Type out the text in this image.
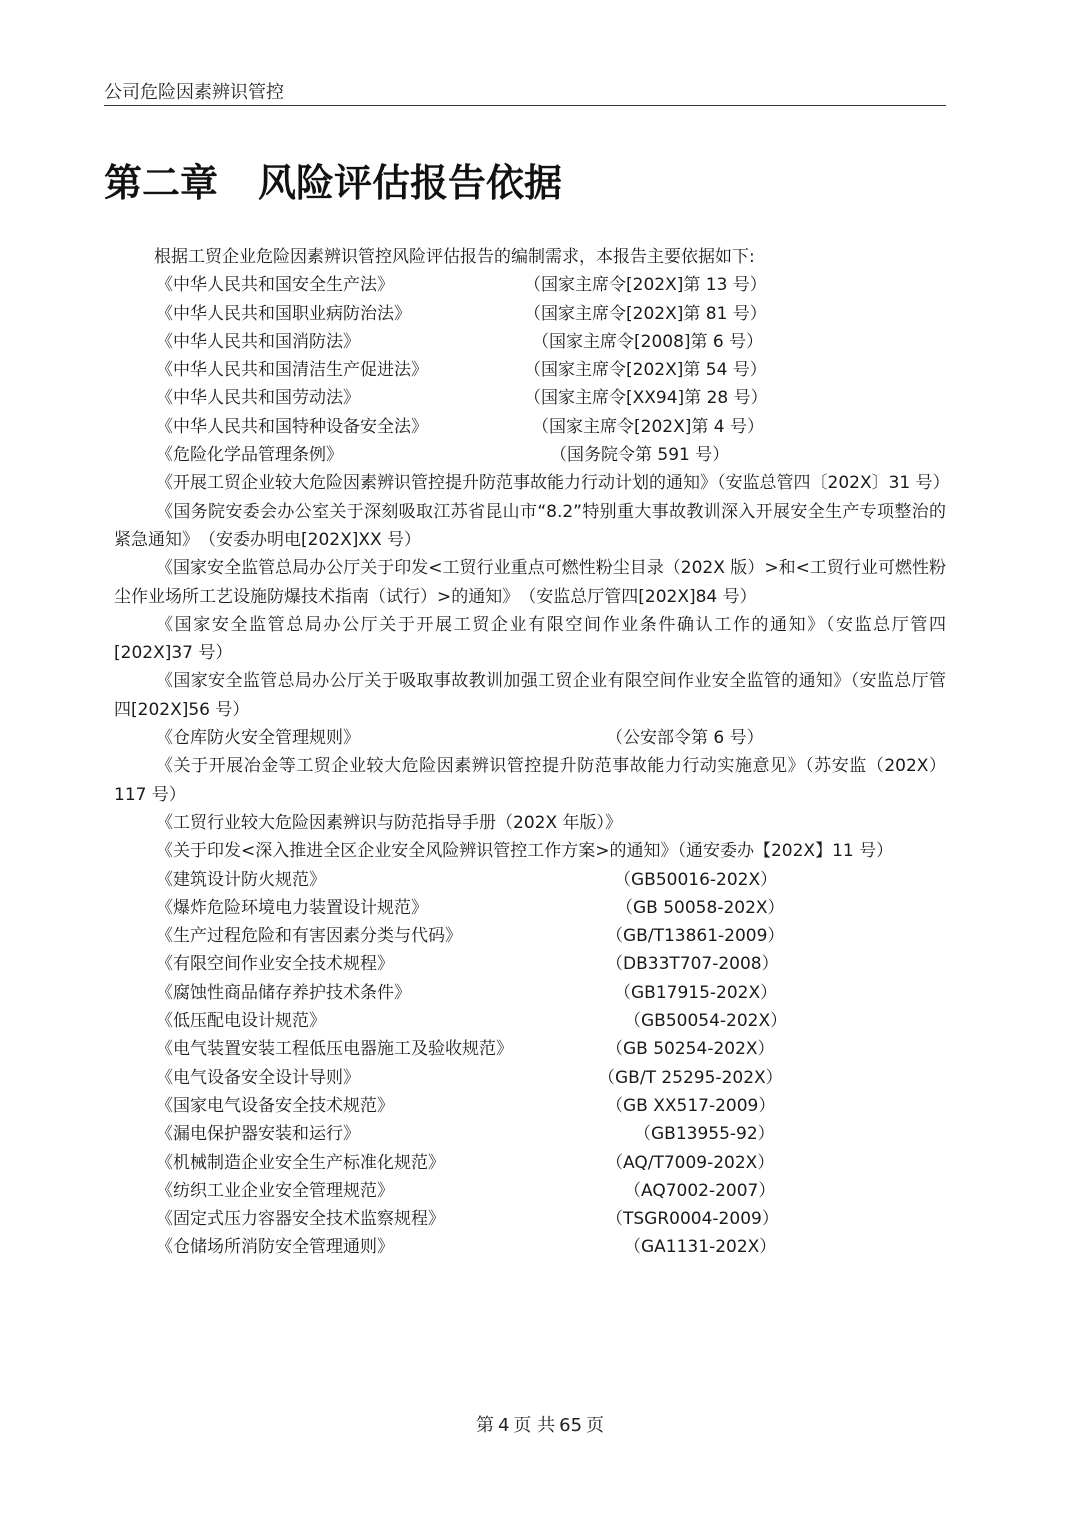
公司危险因素辨识管控
第二章 风险评估报告依据
根据工贸企业危险因素辨识管控风险评估报告的编制需求，本报告主要依据如下:
《中华人民共和国安全生产法》	（国家主席令[202X]第 13 号）
《中华人民共和国职业病防治法》	（国家主席令[202X]第 81 号）
《中华人民共和国消防法》	（国家主席令[2008]第 6 号）
《中华人民共和国清洁生产促进法》	（国家主席令[202X]第 54 号）
《中华人民共和国劳动法》	（国家主席令[XX94]第 28 号）
《中华人民共和国特种设备安全法》	（国家主席令[202X]第 4 号）
《危险化学品管理条例》	（国务院令第 591 号）
《开展工贸企业较大危险因素辨识管控提升防范事故能力行动计划的通知》（安监总管四〔202X〕31 号）
《国务院安委会办公室关于深刻吸取江苏省昆山市“8.2”特别重大事故教训深入开展安全生产专项整治的紧急通知》　（安委办明电[202X]XX 号）
《国家安全监管总局办公厅关于印发<工贸行业重点可燃性粉尘目录（202X 版）>和<工贸行业可燃性粉尘作业场所工艺设施防爆技术指南（试行）>的通知》　（安监总厅管四[202X]84 号）
《国家安全监管总局办公厅关于开展工贸企业有限空间作业条件确认工作的通知》（安监总厅管四[202X]37 号）
《国家安全监管总局办公厅关于吸取事故教训加强工贸企业有限空间作业安全监管的通知》（安监总厅管四[202X]56 号）
《仓库防火安全管理规则》	（公安部令第 6 号）
《关于开展冶金等工贸企业较大危险因素辨识管控提升防范事故能力行动实施意见》（苏安监（202X）117 号）
《工贸行业较大危险因素辨识与防范指导手册（202X 年版）》
《关于印发<深入推进全区企业安全风险辨识管控工作方案>的通知》（通安委办【202X】11 号）
《建筑设计防火规范》	（GB50016-202X）
《爆炸危险环境电力装置设计规范》	（GB 50058-202X）
《生产过程危险和有害因素分类与代码》	（GB/T13861-2009）
《有限空间作业安全技术规程》	（DB33T707-2008）
《腐蚀性商品储存养护技术条件》	（GB17915-202X）
《低压配电设计规范》	（GB50054-202X）
《电气装置安装工程低压电器施工及验收规范》	（GB 50254-202X）
《电气设备安全设计导则》	（GB/T 25295-202X）
《国家电气设备安全技术规范》	（GB XX517-2009）
《漏电保护器安装和运行》	（GB13955-92）
《机械制造企业安全生产标准化规范》	（AQ/T7009-202X）
《纺织工业企业安全管理规范》	（AQ7002-2007）
《固定式压力容器安全技术监察规程》	（TSGR0004-2009）
《仓储场所消防安全管理通则》	（GA1131-202X）
第 4 页 共 65 页
